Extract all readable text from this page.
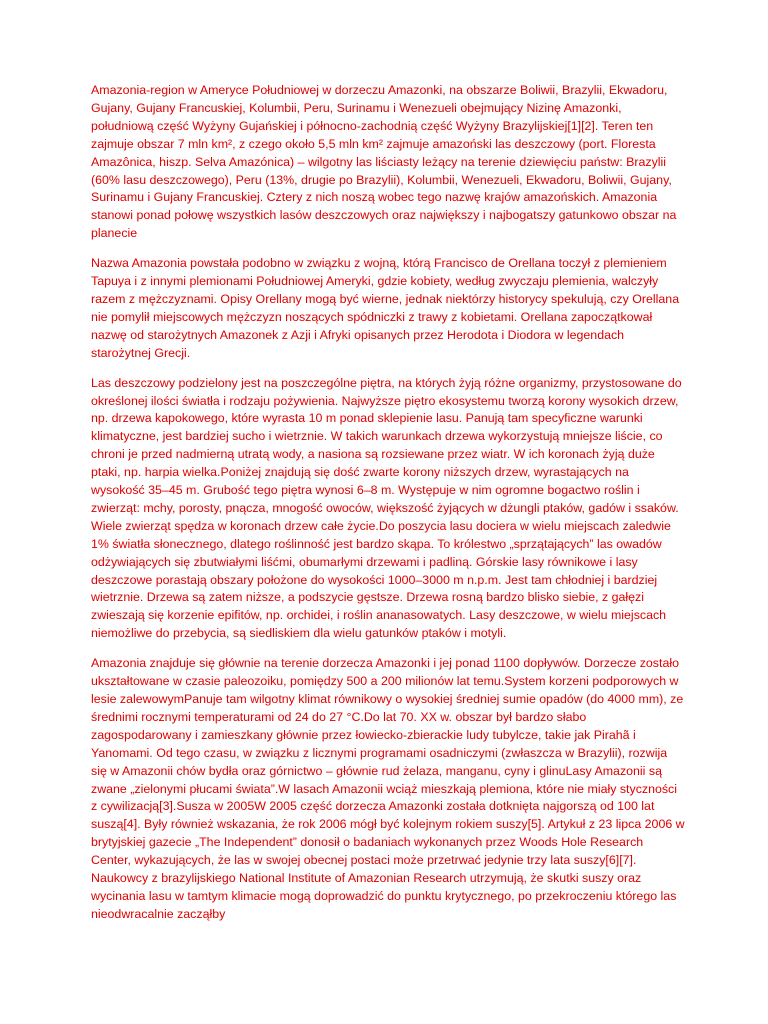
Amazonia-region w Ameryce Południowej w dorzeczu Amazonki, na obszarze Boliwii, Brazylii, Ekwadoru, Gujany, Gujany Francuskiej, Kolumbii, Peru, Surinamu i Wenezueli obejmujący Nizinę Amazonki, południową część Wyżyny Gujańskiej i północno-zachodnią część Wyżyny Brazylijskiej[1][2]. Teren ten zajmuje obszar 7 mln km², z czego około 5,5 mln km² zajmuje amazoński las deszczowy (port. Floresta Amazônica, hiszp. Selva Amazónica) – wilgotny las liściasty leżący na terenie dziewięciu państw: Brazylii (60% lasu deszczowego), Peru (13%, drugie po Brazylii), Kolumbii, Wenezueli, Ekwadoru, Boliwii, Gujany, Surinamu i Gujany Francuskiej. Cztery z nich noszą wobec tego nazwę krajów amazońskich. Amazonia stanowi ponad połowę wszystkich lasów deszczowych oraz największy i najbogatszy gatunkowo obszar na planecie

Nazwa Amazonia powstała podobno w związku z wojną, którą Francisco de Orellana toczył z plemieniem Tapuya i z innymi plemionami Południowej Ameryki, gdzie kobiety, według zwyczaju plemienia, walczyły razem z mężczyznami. Opisy Orellany mogą być wierne, jednak niektórzy historycy spekulują, czy Orellana nie pomylił miejscowych mężczyzn noszących spódniczki z trawy z kobietami. Orellana zapoczątkował nazwę od starożytnych Amazonek z Azji i Afryki opisanych przez Herodota i Diodora w legendach starożytnej Grecji.

Las deszczowy podzielony jest na poszczególne piętra, na których żyją różne organizmy, przystosowane do określonej ilości światła i rodzaju pożywienia. Najwyższe piętro ekosystemu tworzą korony wysokich drzew, np. drzewa kapokowego, które wyrasta 10 m ponad sklepienie lasu. Panują tam specyficzne warunki klimatyczne, jest bardziej sucho i wietrznie. W takich warunkach drzewa wykorzystują mniejsze liście, co chroni je przed nadmierną utratą wody, a nasiona są rozsiewane przez wiatr. W ich koronach żyją duże ptaki, np. harpia wielka.Poniżej znajdują się dość zwarte korony niższych drzew, wyrastających na wysokość 35–45 m. Grubość tego piętra wynosi 6–8 m. Występuje w nim ogromne bogactwo roślin i zwierząt: mchy, porosty, pnącza, mnogość owoców, większość żyjących w dżungli ptaków, gadów i ssaków. Wiele zwierząt spędza w koronach drzew całe życie.Do poszycia lasu dociera w wielu miejscach zaledwie 1% światła słonecznego, dlatego roślinność jest bardzo skąpa. To królestwo „sprzątających” las owadów odżywiających się zbutwiałymi liśćmi, obumarłymi drzewami i padliną. Górskie lasy równikowe i lasy deszczowe porastają obszary położone do wysokości 1000–3000 m n.p.m. Jest tam chłodniej i bardziej wietrznie. Drzewa są zatem niższe, a podszycie gęstsze. Drzewa rosną bardzo blisko siebie, z gałęzi zwieszają się korzenie epifitów, np. orchidei, i roślin ananasowatych. Lasy deszczowe, w wielu miejscach niemożliwe do przebycia, są siedliskiem dla wielu gatunków ptaków i motyli.

Amazonia znajduje się głównie na terenie dorzecza Amazonki i jej ponad 1100 dopływów. Dorzecze zostało ukształtowane w czasie paleozoiku, pomiędzy 500 a 200 milionów lat temu.System korzeni podporowych w lesie zalewowymPanuje tam wilgotny klimat równikowy o wysokiej średniej sumie opadów (do 4000 mm), ze średnimi rocznymi temperaturami od 24 do 27 °C.Do lat 70. XX w. obszar był bardzo słabo zagospodarowany i zamieszkany głównie przez łowiecko-zbierackie ludy tubylcze, takie jak Pirahã i Yanomami. Od tego czasu, w związku z licznymi programami osadniczymi (zwłaszcza w Brazylii), rozwija się w Amazonii chów bydła oraz górnictwo – głównie rud żelaza, manganu, cyny i glinuLasy Amazonii są zwane „zielonymi płucami świata”.W lasach Amazonii wciąż mieszkają plemiona, które nie miały styczności z cywilizacją[3].Susza w 2005W 2005 część dorzecza Amazonki została dotknięta najgorszą od 100 lat suszą[4]. Były również wskazania, że rok 2006 mógł być kolejnym rokiem suszy[5]. Artykuł z 23 lipca 2006 w brytyjskiej gazecie „The Independent” donosił o badaniach wykonanych przez Woods Hole Research Center, wykazujących, że las w swojej obecnej postaci może przetrwać jedynie trzy lata suszy[6][7]. Naukowcy z brazylijskiego National Institute of Amazonian Research utrzymują, że skutki suszy oraz wycinania lasu w tamtym klimacie mogą doprowadzić do punktu krytycznego, po przekroczeniu którego las nieodwracalnie zacząłby
